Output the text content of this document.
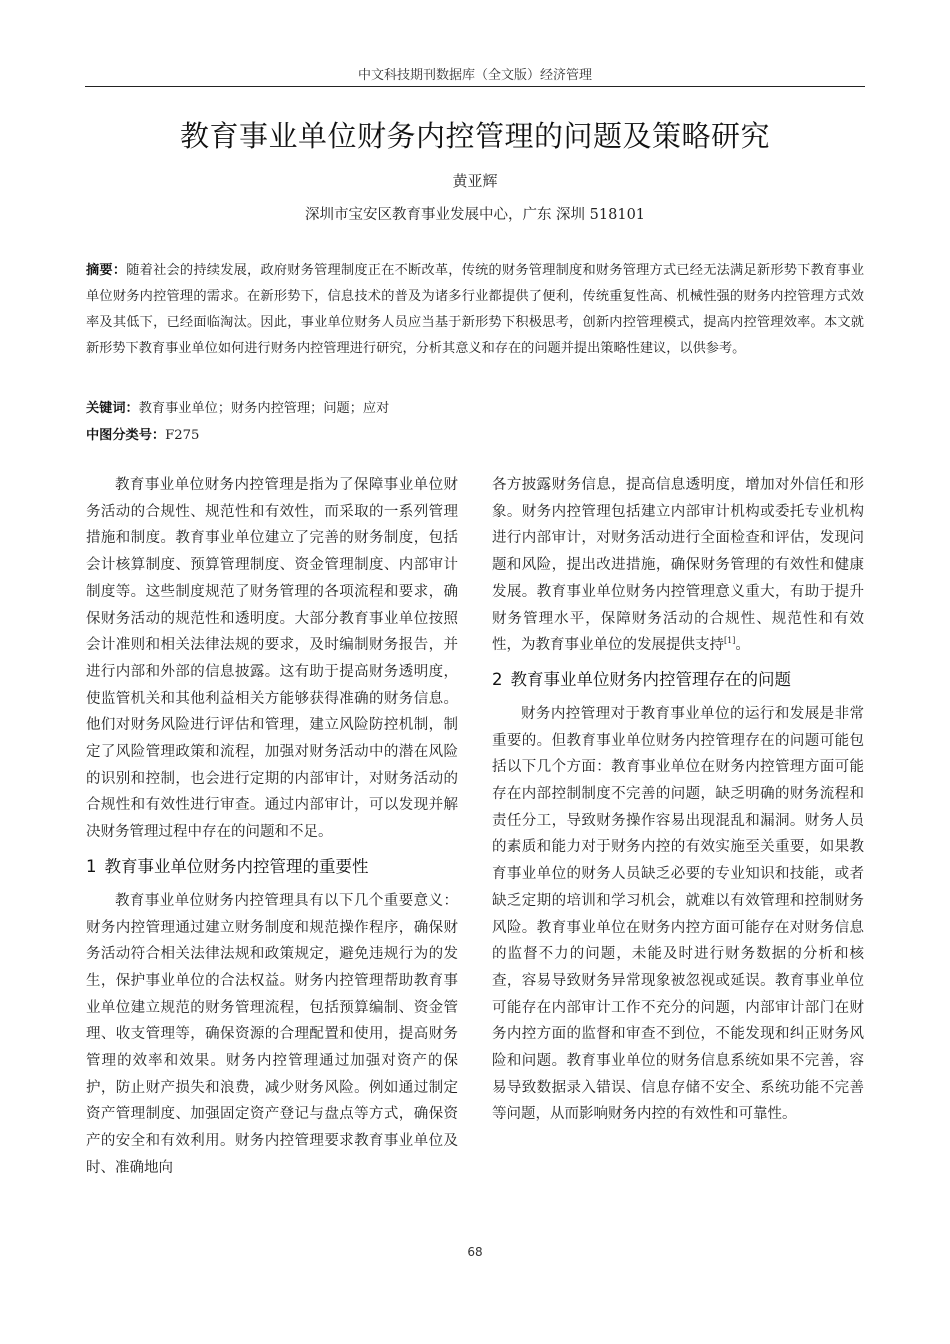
中文科技期刊数据库（全文版）经济管理
教育事业单位财务内控管理的问题及策略研究
黄亚辉
深圳市宝安区教育事业发展中心，广东 深圳 518101
摘要：随着社会的持续发展，政府财务管理制度正在不断改革，传统的财务管理制度和财务管理方式已经无法满足新形势下教育事业单位财务内控管理的需求。在新形势下，信息技术的普及为诸多行业都提供了便利，传统重复性高、机械性强的财务内控管理方式效率及其低下，已经面临淘汰。因此，事业单位财务人员应当基于新形势下积极思考，创新内控管理模式，提高内控管理效率。本文就新形势下教育事业单位如何进行财务内控管理进行研究，分析其意义和存在的问题并提出策略性建议，以供参考。
关键词：教育事业单位；财务内控管理；问题；应对
中图分类号：F275

教育事业单位财务内控管理是指为了保障事业单位财务活动的合规性、规范性和有效性，而采取的一系列管理措施和制度。教育事业单位建立了完善的财务制度，包括会计核算制度、预算管理制度、资金管理制度、内部审计制度等。这些制度规范了财务管理的各项流程和要求，确保财务活动的规范性和透明度。大部分教育事业单位按照会计准则和相关法律法规的要求，及时编制财务报告，并进行内部和外部的信息披露。这有助于提高财务透明度，使监管机关和其他利益相关方能够获得准确的财务信息。他们对财务风险进行评估和管理，建立风险防控机制，制定了风险管理政策和流程，加强对财务活动中的潜在风险的识别和控制，也会进行定期的内部审计，对财务活动的合规性和有效性进行审查。通过内部审计，可以发现并解决财务管理过程中存在的问题和不足。

1 教育事业单位财务内控管理的重要性

教育事业单位财务内控管理具有以下几个重要意义：财务内控管理通过建立财务制度和规范操作程序，确保财务活动符合相关法律法规和政策规定，避免违规行为的发生，保护事业单位的合法权益。财务内控管理帮助教育事业单位建立规范的财务管理流程，包括预算编制、资金管理、收支管理等，确保资源的合理配置和使用，提高财务管理的效率和效果。财务内控管理通过加强对资产的保护，防止财产损失和浪费，减少财务风险。例如通过制定资产管理制度、加强固定资产登记与盘点等方式，确保资产的安全和有效利用。财务内控管理要求教育事业单位及时、准确地向

各方披露财务信息，提高信息透明度，增加对外信任和形象。财务内控管理包括建立内部审计机构或委托专业机构进行内部审计，对财务活动进行全面检查和评估，发现问题和风险，提出改进措施，确保财务管理的有效性和健康发展。教育事业单位财务内控管理意义重大，有助于提升财务管理水平，保障财务活动的合规性、规范性和有效性，为教育事业单位的发展提供支持[1]。

2 教育事业单位财务内控管理存在的问题

财务内控管理对于教育事业单位的运行和发展是非常重要的。但教育事业单位财务内控管理存在的问题可能包括以下几个方面：教育事业单位在财务内控管理方面可能存在内部控制制度不完善的问题，缺乏明确的财务流程和责任分工，导致财务操作容易出现混乱和漏洞。财务人员的素质和能力对于财务内控的有效实施至关重要，如果教育事业单位的财务人员缺乏必要的专业知识和技能，或者缺乏定期的培训和学习机会，就难以有效管理和控制财务风险。教育事业单位在财务内控方面可能存在对财务信息的监督不力的问题，未能及时进行财务数据的分析和核查，容易导致财务异常现象被忽视或延误。教育事业单位可能存在内部审计工作不充分的问题，内部审计部门在财务内控方面的监督和审查不到位，不能发现和纠正财务风险和问题。教育事业单位的财务信息系统如果不完善，容易导致数据录入错误、信息存储不安全、系统功能不完善等问题，从而影响财务内控的有效性和可靠性。

68
